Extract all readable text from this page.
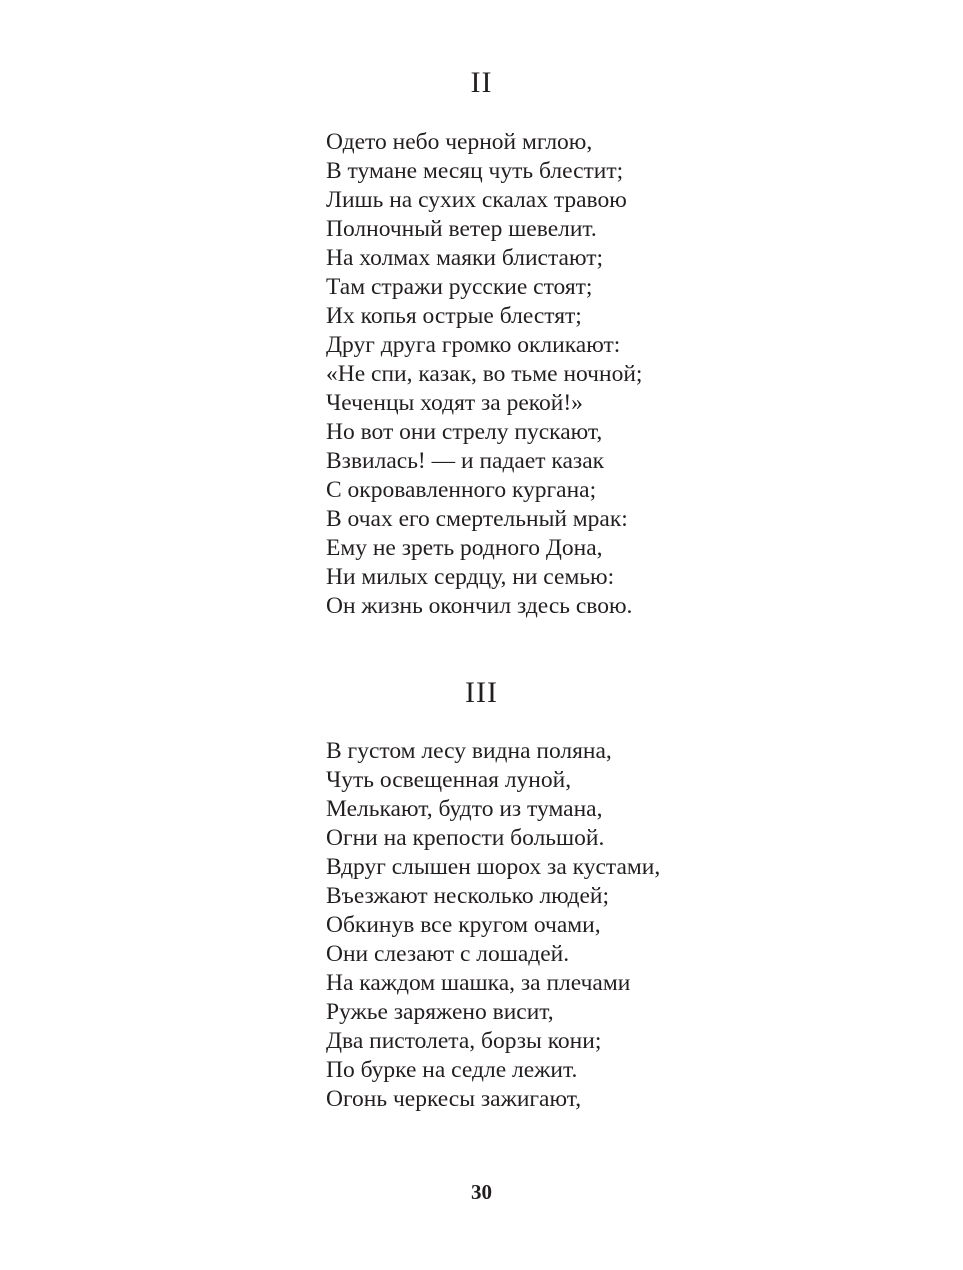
II
Одето небо черной мглою,
В тумане месяц чуть блестит;
Лишь на сухих скалах травою
Полночный ветер шевелит.
На холмах маяки блистают;
Там стражи русские стоят;
Их копья острые блестят;
Друг друга громко окликают:
«Не спи, казак, во тьме ночной;
Чеченцы ходят за рекой!»
Но вот они стрелу пускают,
Взвилась! — и падает казак
С окровавленного кургана;
В очах его смертельный мрак:
Ему не зреть родного Дона,
Ни милых сердцу, ни семью:
Он жизнь окончил здесь свою.
III
В густом лесу видна поляна,
Чуть освещенная луной,
Мелькают, будто из тумана,
Огни на крепости большой.
Вдруг слышен шорох за кустами,
Въезжают несколько людей;
Обкинув все кругом очами,
Они слезают с лошадей.
На каждом шашка, за плечами
Ружье заряжено висит,
Два пистолета, борзы кони;
По бурке на седле лежит.
Огонь черкесы зажигают,
30
